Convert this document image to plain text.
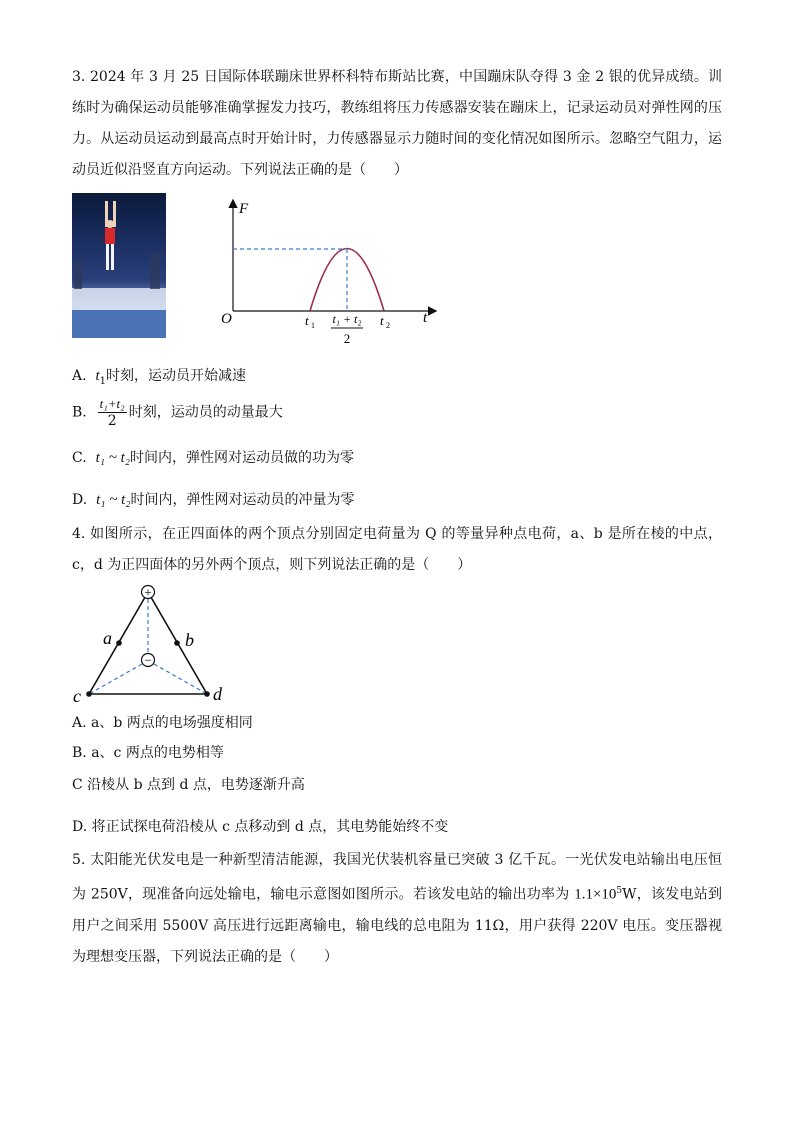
3. 2024 年 3 月 25 日国际体联蹦床世界杯科特布斯站比赛，中国蹦床队夺得 3 金 2 银的优异成绩。训练时为确保运动员能够准确掌握发力技巧，教练组将压力传感器安装在蹦床上，记录运动员对弹性网的压力。从运动员运动到最高点时开始计时，力传感器显示力随时间的变化情况如图所示。忽略空气阻力，运动员近似沿竖直方向运动。下列说法正确的是（　　）
F
t
O	t 1	t 2
t₁ + t₂
2
A. $t_1$时刻，运动员开始减速
B. $\frac{\text{t₁+t₂}}{2}$ 时刻，运动员的动量最大
C. t₁ ~ t₂时间内，弹性网对运动员做的功为零
D. t₁ ~ t₂时间内，弹性网对运动员的冲量为零
4. 如图所示，在正四面体的两个顶点分别固定电荷量为 Q 的等量异种点电荷，a、b 是所在棱的中点，c，d 为正四面体的另外两个顶点，则下列说法正确的是（　　）
+
−
a	b
c	d
A. a、b 两点的电场强度相同
B. a、c 两点的电势相等
C 沿棱从 b 点到 d 点，电势逐渐升高
D. 将正试探电荷沿棱从 c 点移动到 d 点，其电势能始终不变
5. 太阳能光伏发电是一种新型清洁能源，我国光伏装机容量已突破 3 亿千瓦。一光伏发电站输出电压恒为 250V，现准备向远处输电，输电示意图如图所示。若该发电站的输出功率为 $1.1\times 10^5W$，该发电站到用户之间采用 5500V 高压进行远距离输电，输电线的总电阻为 11Ω，用户获得 220V 电压。变压器视为理想变压器，下列说法正确的是（　　）
